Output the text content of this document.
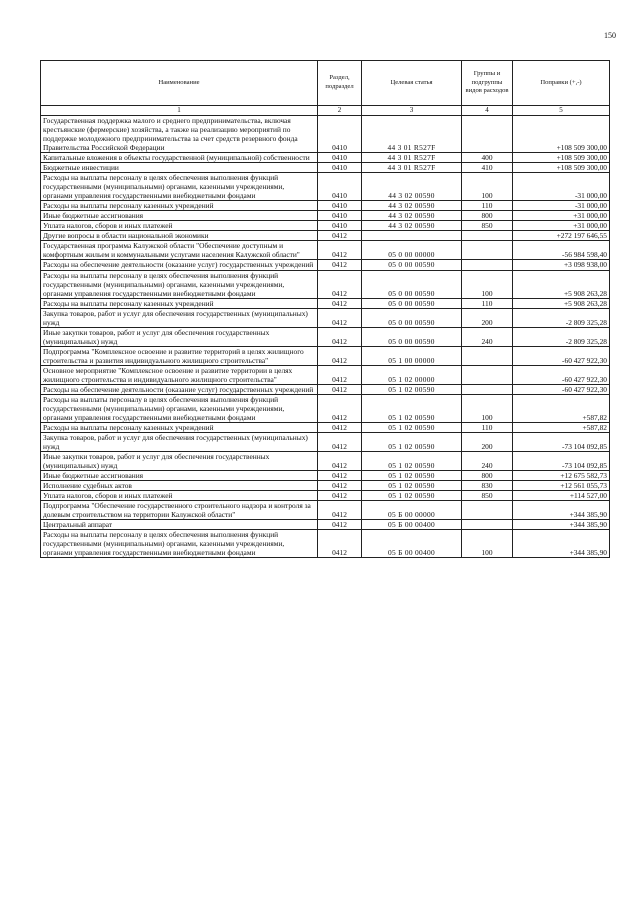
150
Наименование	Раздел, подраздел	Целевая статья	Группы и подгруппы видов расходов	Поправки (+,-)
1	2	3	4	5
Государственная поддержка малого и среднего предпринимательства, включая крестьянские (фермерские) хозяйства, а также на реализацию мероприятий по поддержке молодежного предпринимательства за счет средств резервного фонда Правительства Российской Федерации	0410	44 3 01 R527F		+108 509 300,00
Капитальные вложения в объекты государственной (муниципальной) собственности	0410	44 3 01 R527F	400	+108 509 300,00
Бюджетные инвестиции	0410	44 3 01 R527F	410	+108 509 300,00
Расходы на выплаты персоналу в целях обеспечения выполнения функций государственными (муниципальными) органами, казенными учреждениями, органами управления государственными внебюджетными фондами	0410	44 3 02 00590	100	-31 000,00
Расходы на выплаты персоналу казенных учреждений	0410	44 3 02 00590	110	-31 000,00
Иные бюджетные ассигнования	0410	44 3 02 00590	800	+31 000,00
Уплата налогов, сборов и иных платежей	0410	44 3 02 00590	850	+31 000,00
Другие вопросы в области национальной экономики	0412			+272 197 646,55
Государственная программа Калужской области "Обеспечение доступным и комфортным жильем и коммунальными услугами населения Калужской области"	0412	05 0 00 00000		-56 984 598,40
Расходы на обеспечение деятельности (оказание услуг) государственных учреждений	0412	05 0 00 00590		+3 098 938,00
Расходы на выплаты персоналу в целях обеспечения выполнения функций государственными (муниципальными) органами, казенными учреждениями, органами управления государственными внебюджетными фондами	0412	05 0 00 00590	100	+5 908 263,28
Расходы на выплаты персоналу казенных учреждений	0412	05 0 00 00590	110	+5 908 263,28
Закупка товаров, работ и услуг для обеспечения государственных (муниципальных) нужд	0412	05 0 00 00590	200	-2 809 325,28
Иные закупки товаров, работ и услуг для обеспечения государственных (муниципальных) нужд	0412	05 0 00 00590	240	-2 809 325,28
Подпрограмма "Комплексное освоение и развитие территорий в целях жилищного строительства и развития индивидуального жилищного строительства"	0412	05 1 00 00000		-60 427 922,30
Основное мероприятие "Комплексное освоение и развитие территории в целях жилищного строительства и индивидуального жилищного строительства"	0412	05 1 02 00000		-60 427 922,30
Расходы на обеспечение деятельности (оказание услуг) государственных учреждений	0412	05 1 02 00590		-60 427 922,30
Расходы на выплаты персоналу в целях обеспечения выполнения функций государственными (муниципальными) органами, казенными учреждениями, органами управления государственными внебюджетными фондами	0412	05 1 02 00590	100	+587,82
Расходы на выплаты персоналу казенных учреждений	0412	05 1 02 00590	110	+587,82
Закупка товаров, работ и услуг для обеспечения государственных (муниципальных) нужд	0412	05 1 02 00590	200	-73 104 092,85
Иные закупки товаров, работ и услуг для обеспечения государственных (муниципальных) нужд	0412	05 1 02 00590	240	-73 104 092,85
Иные бюджетные ассигнования	0412	05 1 02 00590	800	+12 675 582,73
Исполнение судебных актов	0412	05 1 02 00590	830	+12 561 055,73
Уплата налогов, сборов и иных платежей	0412	05 1 02 00590	850	+114 527,00
Подпрограмма "Обеспечение государственного строительного надзора и контроля за долевым строительством на территории Калужской области"	0412	05 Б 00 00000		+344 385,90
Центральный аппарат	0412	05 Б 00 00400		+344 385,90
Расходы на выплаты персоналу в целях обеспечения выполнения функций государственными (муниципальными) органами, казенными учреждениями, органами управления государственными внебюджетными фондами	0412	05 Б 00 00400	100	+344 385,90
